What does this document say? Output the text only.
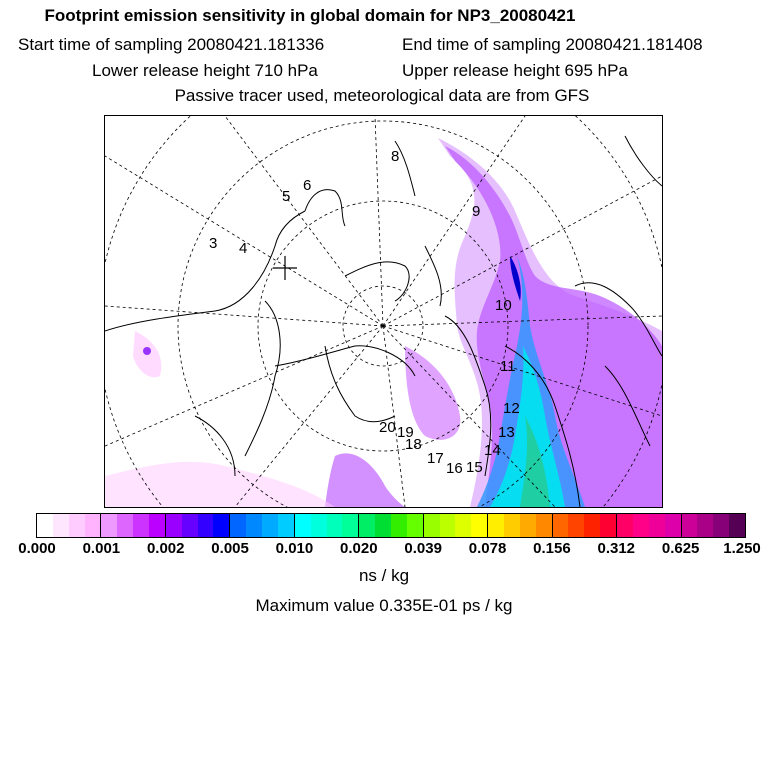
Footprint emission sensitivity in global domain for NP3_20080421
Start time of sampling 20080421.181336	End time of sampling 20080421.181408
Lower release height 710 hPa	Upper release height 695 hPa
Passive tracer used, meteorological data are from GFS
3 4
5
6
8
9
10
11
12
13
14
15
16
17
18
19
20
0.000 0.001 0.002 0.005 0.010 0.020 0.039 0.078 0.156 0.312 0.625 1.250
ns / kg
Maximum value 0.335E-01 ps / kg
